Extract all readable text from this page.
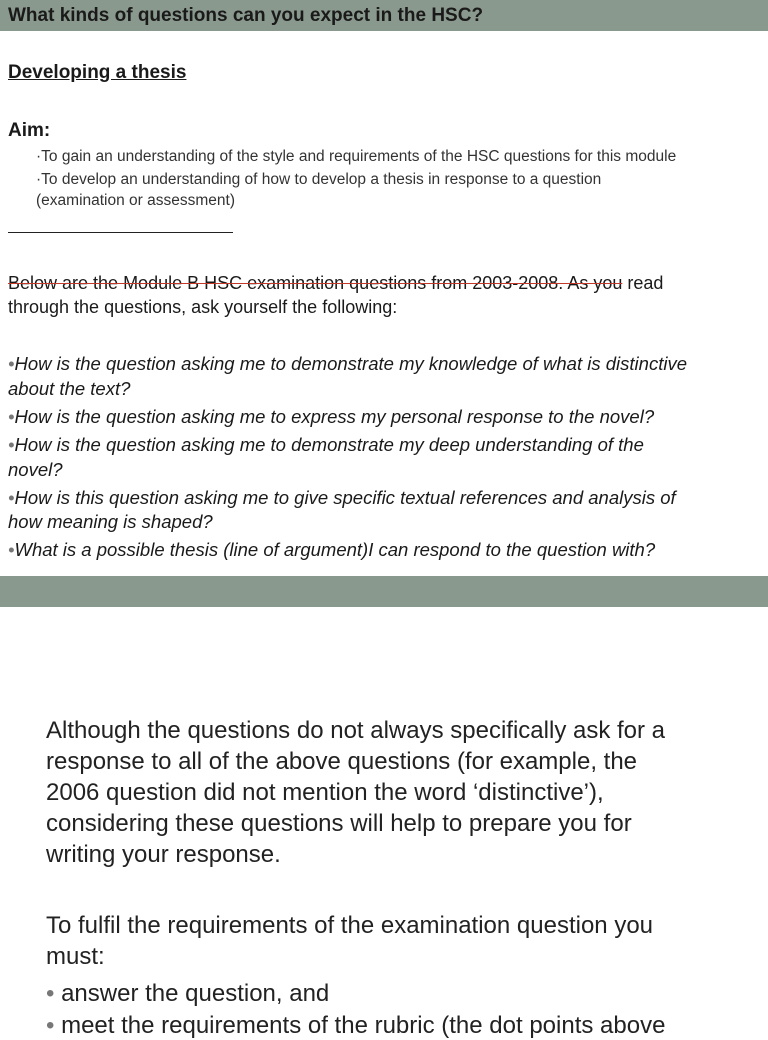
What kinds of questions can you expect in the HSC?
Developing a thesis
Aim:
·To gain an understanding of the style and requirements of the HSC questions for this module
·To develop an understanding of how to develop a thesis in response to a question
(examination or assessment)
Below are the Module B HSC examination questions from 2003-2008. As you read
through the questions, ask yourself the following:
•How is the question asking me to demonstrate my knowledge of what is distinctive
about the text?
•How is the question asking me to express my personal response to the novel?
•How is the question asking me to demonstrate my deep understanding of the
novel?
•How is this question asking me to give specific textual references and analysis of
how meaning is shaped?
•What is a possible thesis (line of argument)I can respond to the question with?
Although the questions do not always specifically ask for a
response to all of the above questions (for example, the
2006 question did not mention the word ‘distinctive’),
considering these questions will help to prepare you for
writing your response.
To fulfil the requirements of the examination question you
must:
• answer the question, and
• meet the requirements of the rubric (the dot points above
